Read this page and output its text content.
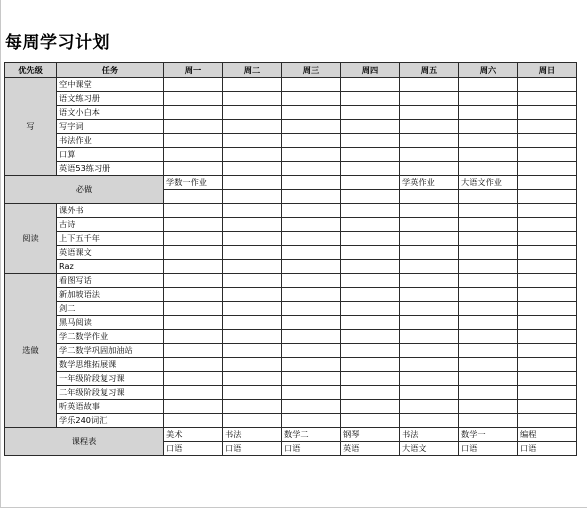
每周学习计划
优先级	任务	周一	周二	周三	周四	周五	周六	周日
写	空中课堂							
	语文练习册							
	语文小白本							
	写字词							
	书法作业							
	口算							
	英语53练习册							
必做		学数一作业				学英作业	大语文作业	

阅读	课外书							
	古诗							
	上下五千年							
	英语课文							
	Raz							
选做	看图写话							
	新加坡语法							
	剑二							
	黑马阅读							
	学二数学作业							
	学二数学巩固加油站							
	数学思维拓展课							
	一年级阶段复习课							
	二年级阶段复习课							
	听英语故事							
	学乐240词汇							
课程表		美术	书法	数学二	钢琴	书法	数学一	编程
		口语	口语	口语	英语	大语文	口语	口语
